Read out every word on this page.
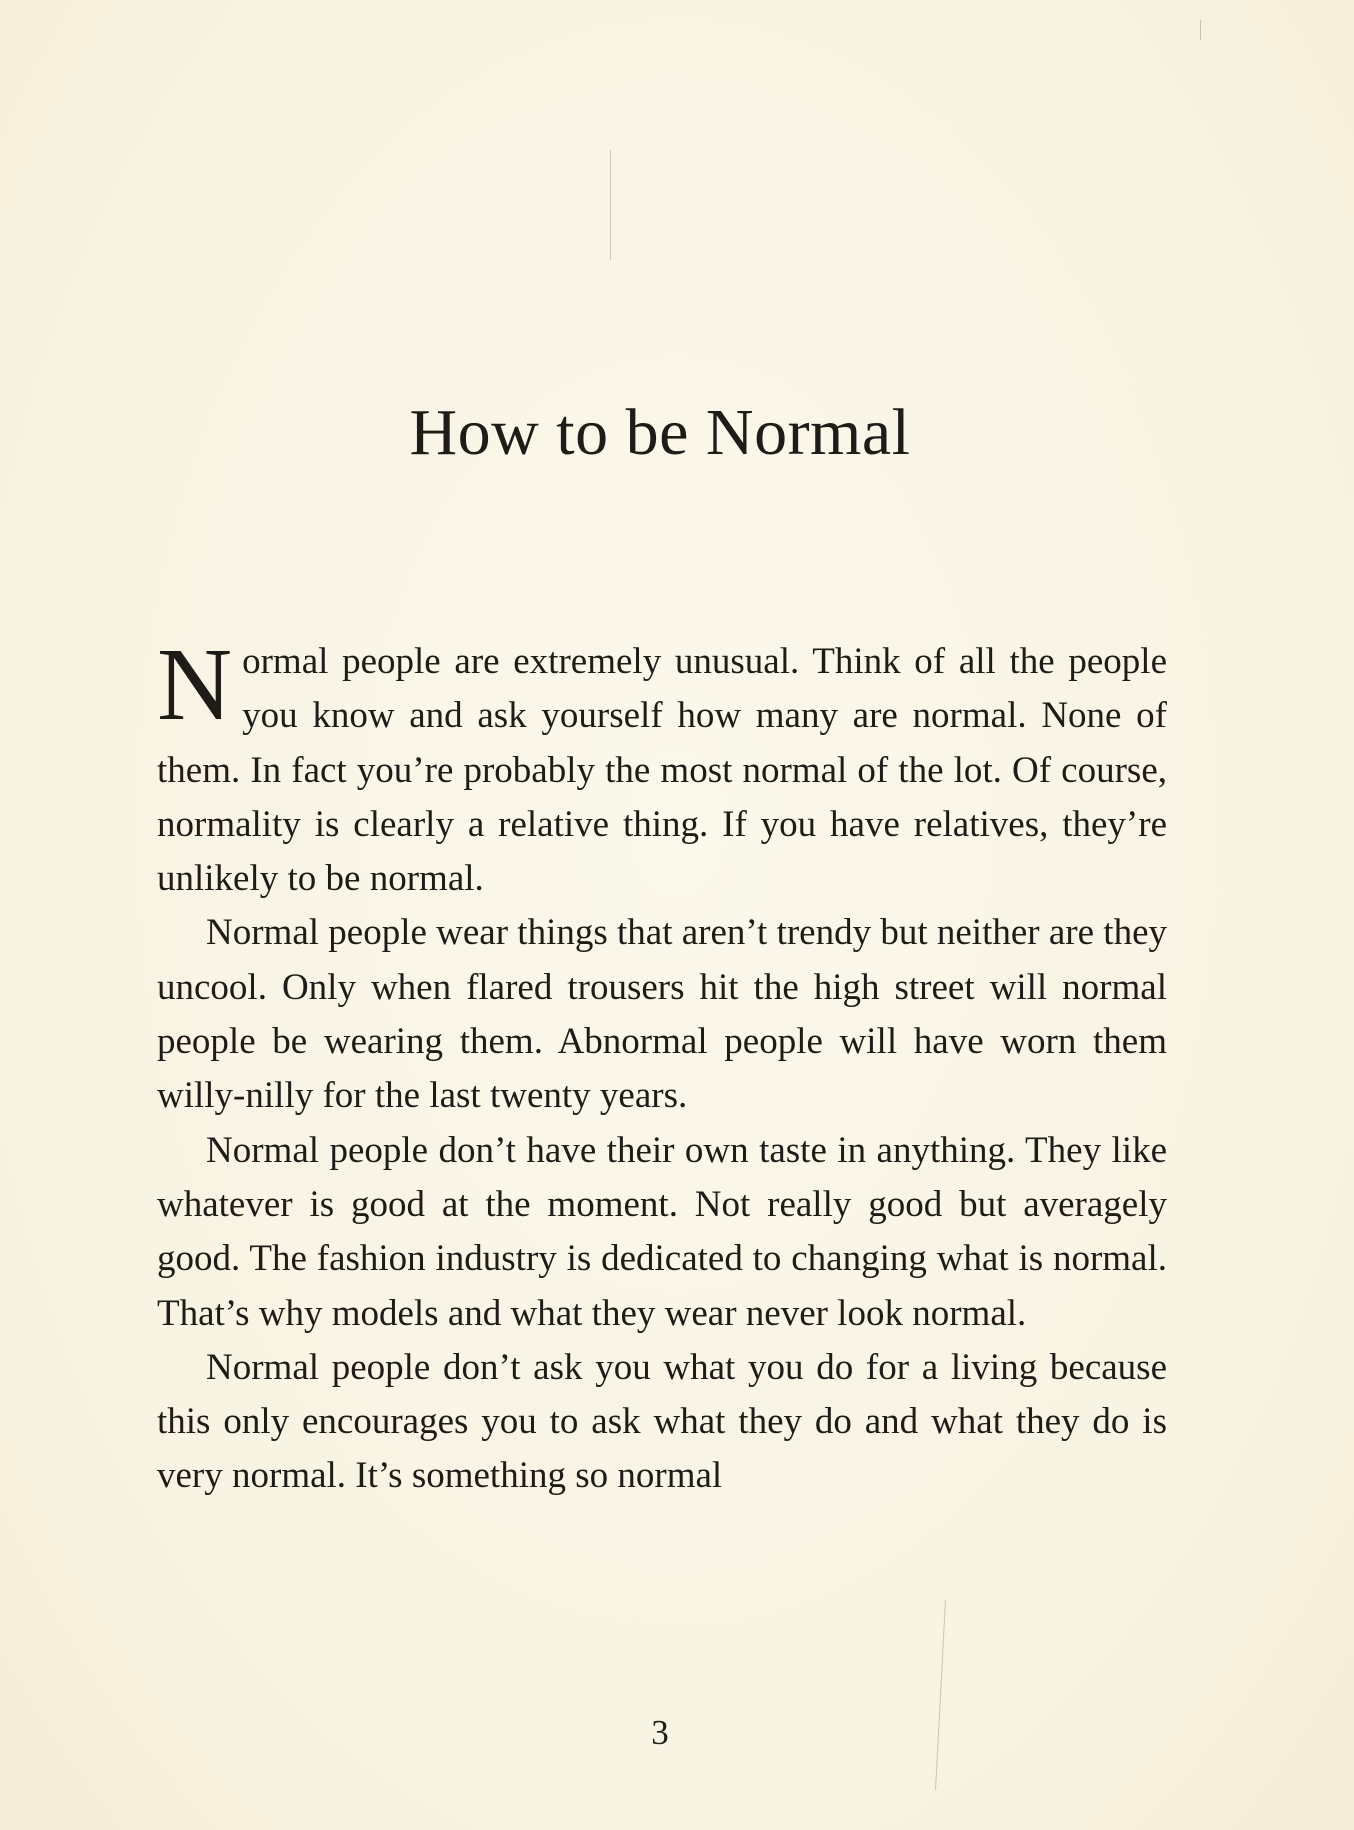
How to be Normal

Normal people are extremely unusual. Think of all the people you know and ask yourself how many are normal. None of them. In fact you’re probably the most normal of the lot. Of course, normality is clearly a relative thing. If you have relatives, they’re unlikely to be normal.

Normal people wear things that aren’t trendy but neither are they uncool. Only when flared trousers hit the high street will normal people be wearing them. Abnormal people will have worn them willy-nilly for the last twenty years.

Normal people don’t have their own taste in anything. They like whatever is good at the moment. Not really good but averagely good. The fashion industry is dedicated to changing what is normal. That’s why models and what they wear never look normal.

Normal people don’t ask you what you do for a living because this only encourages you to ask what they do and what they do is very normal. It’s something so normal

3
